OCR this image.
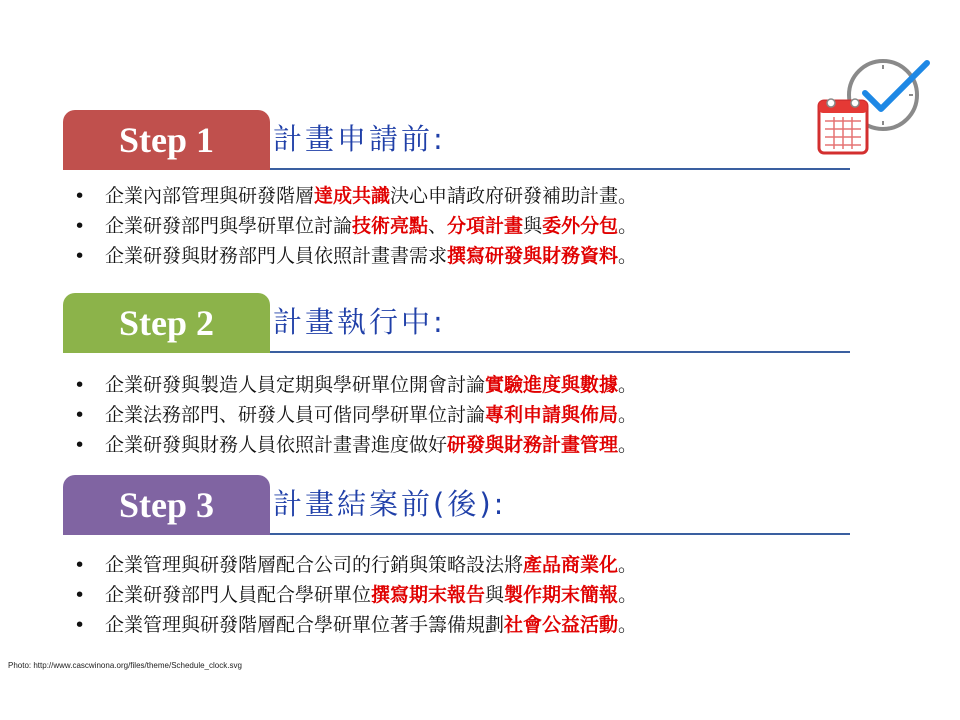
Step 1	計畫申請前:
• 企業內部管理與研發階層達成共識決心申請政府研發補助計畫。
• 企業研發部門與學研單位討論技術亮點、分項計畫與委外分包。
• 企業研發與財務部門人員依照計畫書需求撰寫研發與財務資料。
Step 2	計畫執行中:
• 企業研發與製造人員定期與學研單位開會討論實驗進度與數據。
• 企業法務部門、研發人員可偕同學研單位討論專利申請與佈局。
• 企業研發與財務人員依照計畫書進度做好研發與財務計畫管理。
Step 3	計畫結案前(後):
• 企業管理與研發階層配合公司的行銷與策略設法將產品商業化。
• 企業研發部門人員配合學研單位撰寫期末報告與製作期末簡報。
• 企業管理與研發階層配合學研單位著手籌備規劃社會公益活動。
Photo: http://www.cascwinona.org/files/theme/Schedule_clock.svg
